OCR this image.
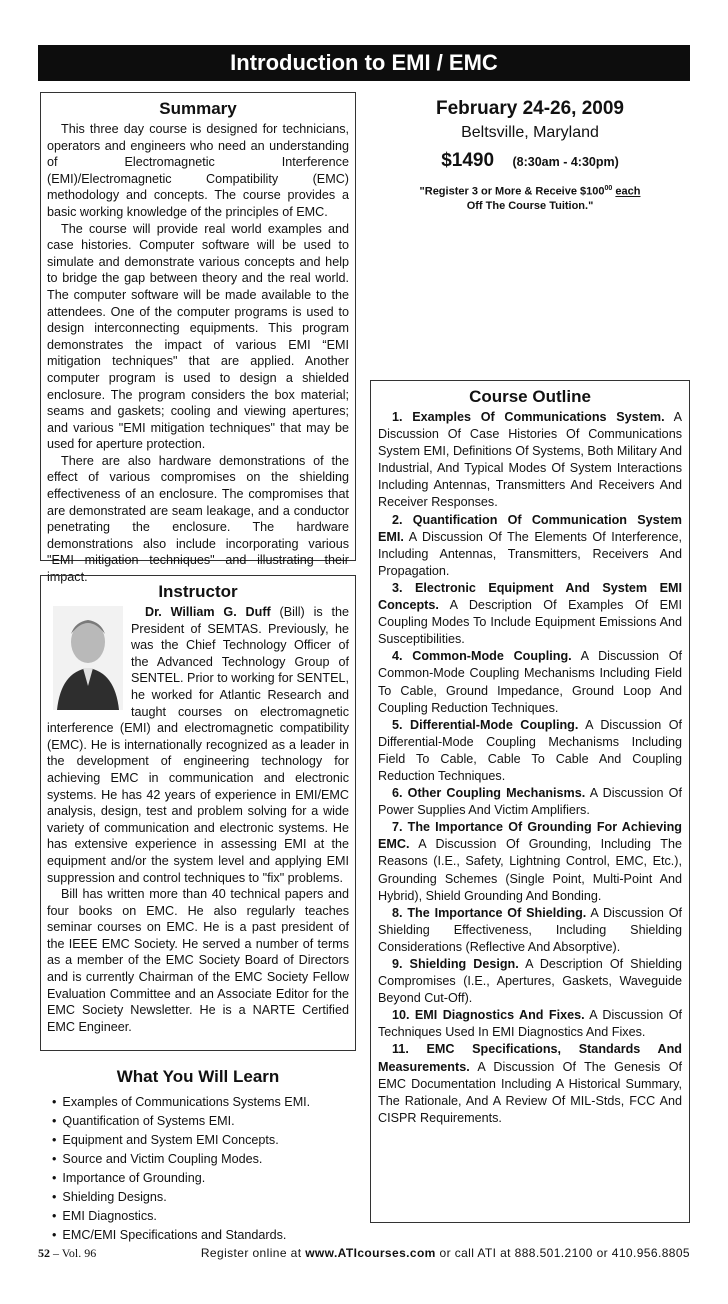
Introduction to EMI / EMC
Summary

This three day course is designed for technicians, operators and engineers who need an understanding of Electromagnetic Interference (EMI)/Electromagnetic Compatibility (EMC) methodology and concepts. The course provides a basic working knowledge of the principles of EMC.

The course will provide real world examples and case histories. Computer software will be used to simulate and demonstrate various concepts and help to bridge the gap between theory and the real world. The computer software will be made available to the attendees. One of the computer programs is used to design interconnecting equipments. This program demonstrates the impact of various EMI “EMI mitigation techniques" that are applied. Another computer program is used to design a shielded enclosure. The program considers the box material; seams and gaskets; cooling and viewing apertures; and various "EMI mitigation techniques" that may be used for aperture protection.

There are also hardware demonstrations of the effect of various compromises on the shielding effectiveness of an enclosure. The compromises that are demonstrated are seam leakage, and a conductor penetrating the enclosure. The hardware demonstrations also include incorporating various "EMI mitigation techniques" and illustrating their impact.

February 24-26, 2009
Beltsville, Maryland
$1490 (8:30am - 4:30pm)
"Register 3 or More & Receive $\$100^{00}$ each
Off The Course Tuition."
Instructor

Dr. William G. Duff (Bill) is the President of SEMTAS. Previously, he was the Chief Technology Officer of the Advanced Technology Group of SENTEL. Prior to working for SENTEL, he worked for Atlantic Research and taught courses on electromagnetic interference (EMI) and electromagnetic compatibility (EMC). He is internationally recognized as a leader in the development of engineering technology for achieving EMC in communication and electronic systems. He has 42 years of experience in EMI/EMC analysis, design, test and problem solving for a wide variety of communication and electronic systems. He has extensive experience in assessing EMI at the equipment and/or the system level and applying EMI suppression and control techniques to "fix" problems.

Bill has written more than 40 technical papers and four books on EMC. He also regularly teaches seminar courses on EMC. He is a past president of the IEEE EMC Society. He served a number of terms as a member of the EMC Society Board of Directors and is currently Chairman of the EMC Society Fellow Evaluation Committee and an Associate Editor for the EMC Society Newsletter. He is a NARTE Certified EMC Engineer.

What You Will Learn
• Examples of Communications Systems EMI.
• Quantification of Systems EMI.
• Equipment and System EMI Concepts.
• Source and Victim Coupling Modes.
• Importance of Grounding.
• Shielding Designs.
• EMI Diagnostics.
• EMC/EMI Specifications and Standards.
Course Outline

1. Examples Of Communications System. A Discussion Of Case Histories Of Communications System EMI, Definitions Of Systems, Both Military And Industrial, And Typical Modes Of System Interactions Including Antennas, Transmitters And Receivers And Receiver Responses.

2. Quantification Of Communication System EMI. A Discussion Of The Elements Of Interference, Including Antennas, Transmitters, Receivers And Propagation.

3. Electronic Equipment And System EMI Concepts. A Description Of Examples Of EMI Coupling Modes To Include Equipment Emissions And Susceptibilities.

4. Common-Mode Coupling. A Discussion Of Common-Mode Coupling Mechanisms Including Field To Cable, Ground Impedance, Ground Loop And Coupling Reduction Techniques.

5. Differential-Mode Coupling. A Discussion Of Differential-Mode Coupling Mechanisms Including Field To Cable, Cable To Cable And Coupling Reduction Techniques.

6. Other Coupling Mechanisms. A Discussion Of Power Supplies And Victim Amplifiers.

7. The Importance Of Grounding For Achieving EMC. A Discussion Of Grounding, Including The Reasons (I.E., Safety, Lightning Control, EMC, Etc.), Grounding Schemes (Single Point, Multi-Point And Hybrid), Shield Grounding And Bonding.

8. The Importance Of Shielding. A Discussion Of Shielding Effectiveness, Including Shielding Considerations (Reflective And Absorptive).

9. Shielding Design. A Description Of Shielding Compromises (I.E., Apertures, Gaskets, Waveguide Beyond Cut-Off).

10. EMI Diagnostics And Fixes. A Discussion Of Techniques Used In EMI Diagnostics And Fixes.

11. EMC Specifications, Standards And Measurements. A Discussion Of The Genesis Of EMC Documentation Including A Historical Summary, The Rationale, And A Review Of MIL-Stds, FCC And CISPR Requirements.

52 – Vol. 96	Register online at www.ATIcourses.com or call ATI at 888.501.2100 or 410.956.8805
